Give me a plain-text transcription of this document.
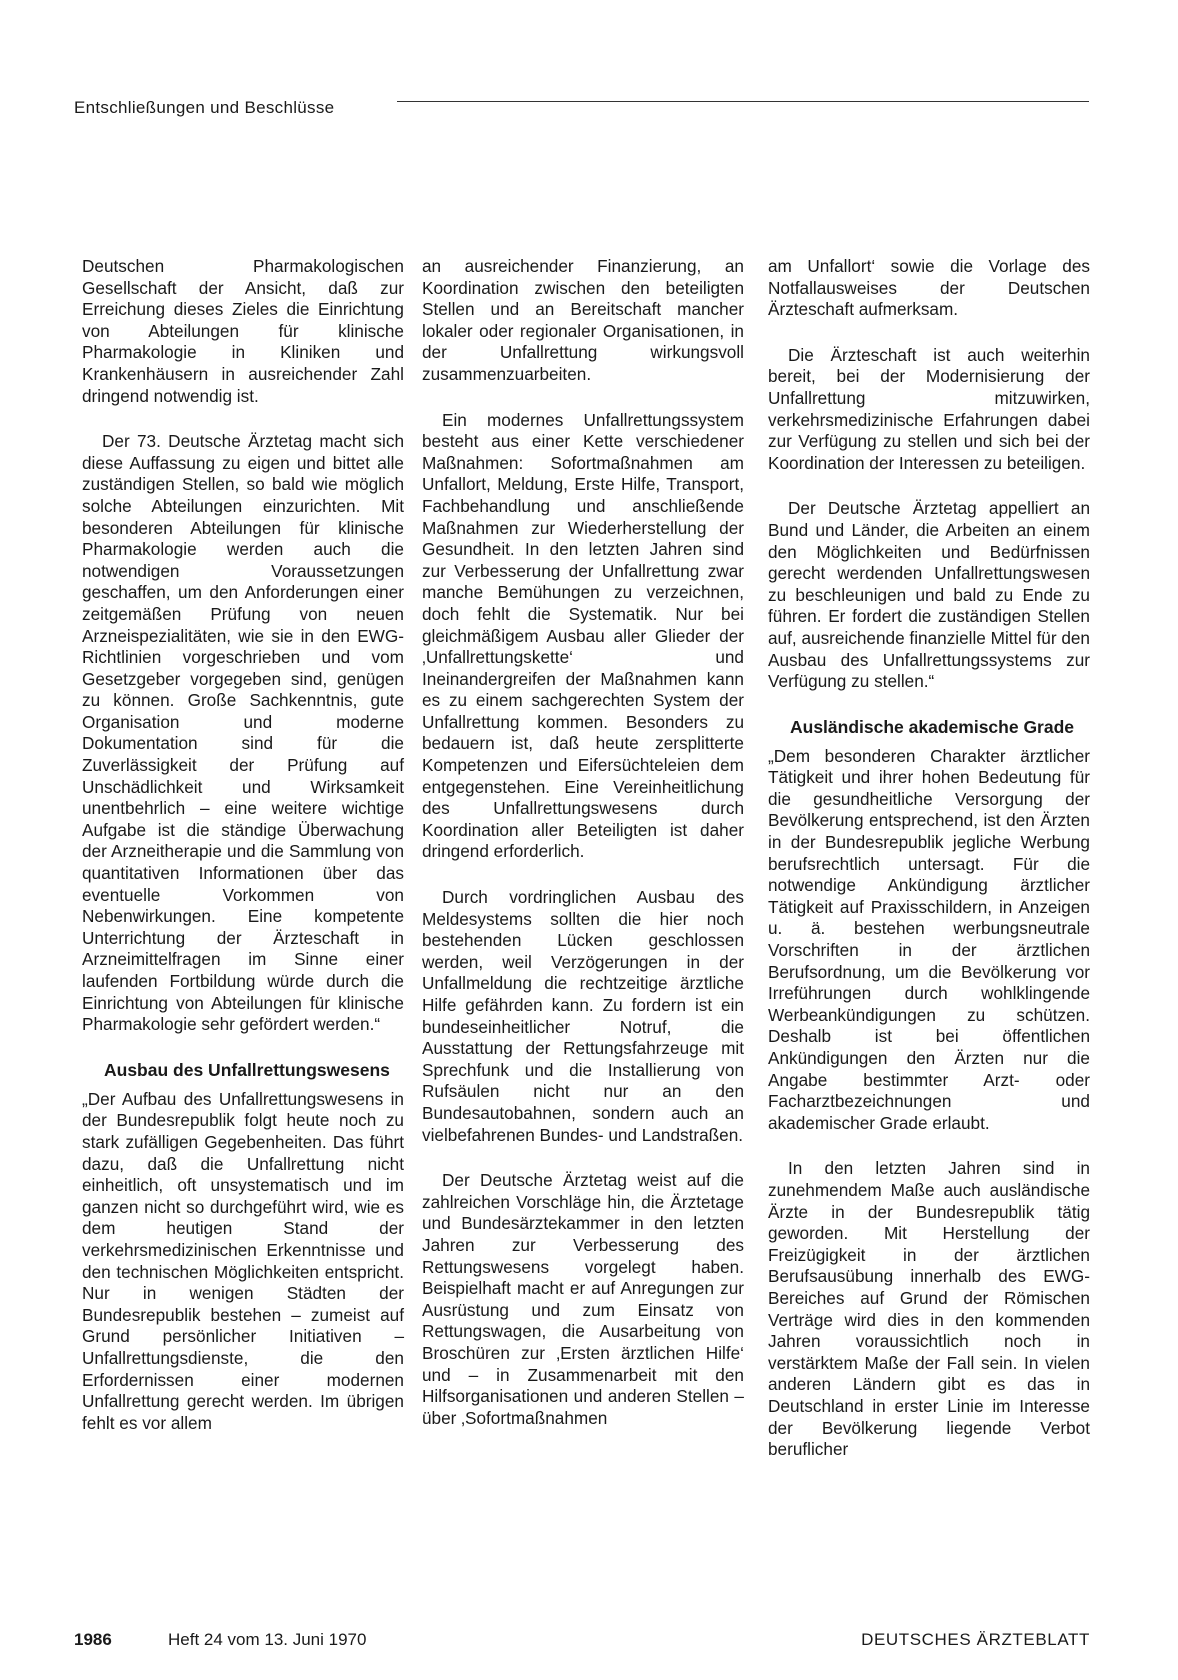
Entschließungen und Beschlüsse

Deutschen Pharmakologischen Gesellschaft der Ansicht, daß zur Erreichung dieses Zieles die Einrichtung von Abteilungen für klinische Pharmakologie in Kliniken und Krankenhäusern in ausreichender Zahl dringend notwendig ist.

Der 73. Deutsche Ärztetag macht sich diese Auffassung zu eigen und bittet alle zuständigen Stellen, so bald wie möglich solche Abteilungen einzurichten. Mit besonderen Abteilungen für klinische Pharmakologie werden auch die notwendigen Voraussetzungen geschaffen, um den Anforderungen einer zeitgemäßen Prüfung von neuen Arzneispezialitäten, wie sie in den EWG-Richtlinien vorgeschrieben und vom Gesetzgeber vorgegeben sind, genügen zu können. Große Sachkenntnis, gute Organisation und moderne Dokumentation sind für die Zuverlässigkeit der Prüfung auf Unschädlichkeit und Wirksamkeit unentbehrlich – eine weitere wichtige Aufgabe ist die ständige Überwachung der Arzneitherapie und die Sammlung von quantitativen Informationen über das eventuelle Vorkommen von Nebenwirkungen. Eine kompetente Unterrichtung der Ärzteschaft in Arzneimittelfragen im Sinne einer laufenden Fortbildung würde durch die Einrichtung von Abteilungen für klinische Pharmakologie sehr gefördert werden.“

Ausbau des Unfallrettungswesens

„Der Aufbau des Unfallrettungswesens in der Bundesrepublik folgt heute noch zu stark zufälligen Gegebenheiten. Das führt dazu, daß die Unfallrettung nicht einheitlich, oft unsystematisch und im ganzen nicht so durchgeführt wird, wie es dem heutigen Stand der verkehrsmedizinischen Erkenntnisse und den technischen Möglichkeiten entspricht. Nur in wenigen Städten der Bundesrepublik bestehen – zumeist auf Grund persönlicher Initiativen – Unfallrettungsdienste, die den Erfordernissen einer modernen Unfallrettung gerecht werden. Im übrigen fehlt es vor allem

an ausreichender Finanzierung, an Koordination zwischen den beteiligten Stellen und an Bereitschaft mancher lokaler oder regionaler Organisationen, in der Unfallrettung wirkungsvoll zusammenzuarbeiten.

Ein modernes Unfallrettungssystem besteht aus einer Kette verschiedener Maßnahmen: Sofortmaßnahmen am Unfallort, Meldung, Erste Hilfe, Transport, Fachbehandlung und anschließende Maßnahmen zur Wiederherstellung der Gesundheit. In den letzten Jahren sind zur Verbesserung der Unfallrettung zwar manche Bemühungen zu verzeichnen, doch fehlt die Systematik. Nur bei gleichmäßigem Ausbau aller Glieder der ‚Unfallrettungskette‘ und Ineinandergreifen der Maßnahmen kann es zu einem sachgerechten System der Unfallrettung kommen. Besonders zu bedauern ist, daß heute zersplitterte Kompetenzen und Eifersüchteleien dem entgegenstehen. Eine Vereinheitlichung des Unfallrettungswesens durch Koordination aller Beteiligten ist daher dringend erforderlich.

Durch vordringlichen Ausbau des Meldesystems sollten die hier noch bestehenden Lücken geschlossen werden, weil Verzögerungen in der Unfallmeldung die rechtzeitige ärztliche Hilfe gefährden kann. Zu fordern ist ein bundeseinheitlicher Notruf, die Ausstattung der Rettungsfahrzeuge mit Sprechfunk und die Installierung von Rufsäulen nicht nur an den Bundesautobahnen, sondern auch an vielbefahrenen Bundes- und Landstraßen.

Der Deutsche Ärztetag weist auf die zahlreichen Vorschläge hin, die Ärztetage und Bundesärztekammer in den letzten Jahren zur Verbesserung des Rettungswesens vorgelegt haben. Beispielhaft macht er auf Anregungen zur Ausrüstung und zum Einsatz von Rettungswagen, die Ausarbeitung von Broschüren zur ‚Ersten ärztlichen Hilfe‘ und – in Zusammenarbeit mit den Hilfsorganisationen und anderen Stellen – über ‚Sofortmaßnahmen

am Unfallort‘ sowie die Vorlage des Notfallausweises der Deutschen Ärzteschaft aufmerksam.

Die Ärzteschaft ist auch weiterhin bereit, bei der Modernisierung der Unfallrettung mitzuwirken, verkehrsmedizinische Erfahrungen dabei zur Verfügung zu stellen und sich bei der Koordination der Interessen zu beteiligen.

Der Deutsche Ärztetag appelliert an Bund und Länder, die Arbeiten an einem den Möglichkeiten und Bedürfnissen gerecht werdenden Unfallrettungswesen zu beschleunigen und bald zu Ende zu führen. Er fordert die zuständigen Stellen auf, ausreichende finanzielle Mittel für den Ausbau des Unfallrettungssystems zur Verfügung zu stellen.“

Ausländische akademische Grade

„Dem besonderen Charakter ärztlicher Tätigkeit und ihrer hohen Bedeutung für die gesundheitliche Versorgung der Bevölkerung entsprechend, ist den Ärzten in der Bundesrepublik jegliche Werbung berufsrechtlich untersagt. Für die notwendige Ankündigung ärztlicher Tätigkeit auf Praxisschildern, in Anzeigen u. ä. bestehen werbungsneutrale Vorschriften in der ärztlichen Berufsordnung, um die Bevölkerung vor Irreführungen durch wohlklingende Werbeankündigungen zu schützen. Deshalb ist bei öffentlichen Ankündigungen den Ärzten nur die Angabe bestimmter Arzt- oder Facharztbezeichnungen und akademischer Grade erlaubt.

In den letzten Jahren sind in zunehmendem Maße auch ausländische Ärzte in der Bundesrepublik tätig geworden. Mit Herstellung der Freizügigkeit in der ärztlichen Berufsausübung innerhalb des EWG-Bereiches auf Grund der Römischen Verträge wird dies in den kommenden Jahren voraussichtlich noch in verstärktem Maße der Fall sein. In vielen anderen Ländern gibt es das in Deutschland in erster Linie im Interesse der Bevölkerung liegende Verbot beruflicher

1986	Heft 24 vom 13. Juni 1970	DEUTSCHES ÄRZTEBLATT
